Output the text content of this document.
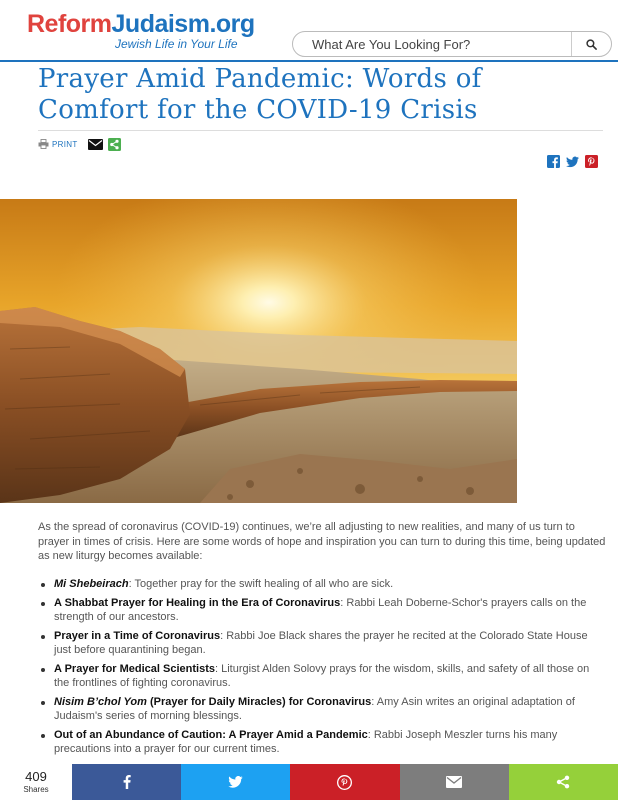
ReformJudaism.org
Jewish Life in Your Life
What Are You Looking For?
Prayer Amid Pandemic: Words of Comfort for the COVID-19 Crisis
PRINT

As the spread of coronavirus (COVID-19) continues, we’re all adjusting to new realities, and many of us turn to prayer in times of crisis. Here are some words of hope and inspiration you can turn to during this time, being updated as new liturgy becomes available:

Mi Shebeirach: Together pray for the swift healing of all who are sick.
A Shabbat Prayer for Healing in the Era of Coronavirus: Rabbi Leah Doberne-Schor's prayers calls on the strength of our ancestors.
Prayer in a Time of Coronavirus: Rabbi Joe Black shares the prayer he recited at the Colorado State House just before quarantining began.
A Prayer for Medical Scientists: Liturgist Alden Solovy prays for the wisdom, skills, and safety of all those on the frontlines of fighting coronavirus.
Nisim B’chol Yom (Prayer for Daily Miracles) for Coronavirus: Amy Asin writes an original adaptation of Judaism's series of morning blessings.
Out of an Abundance of Caution: A Prayer Amid a Pandemic: Rabbi Joseph Meszler turns his many precautions into a prayer for our current times.
409
Shares
